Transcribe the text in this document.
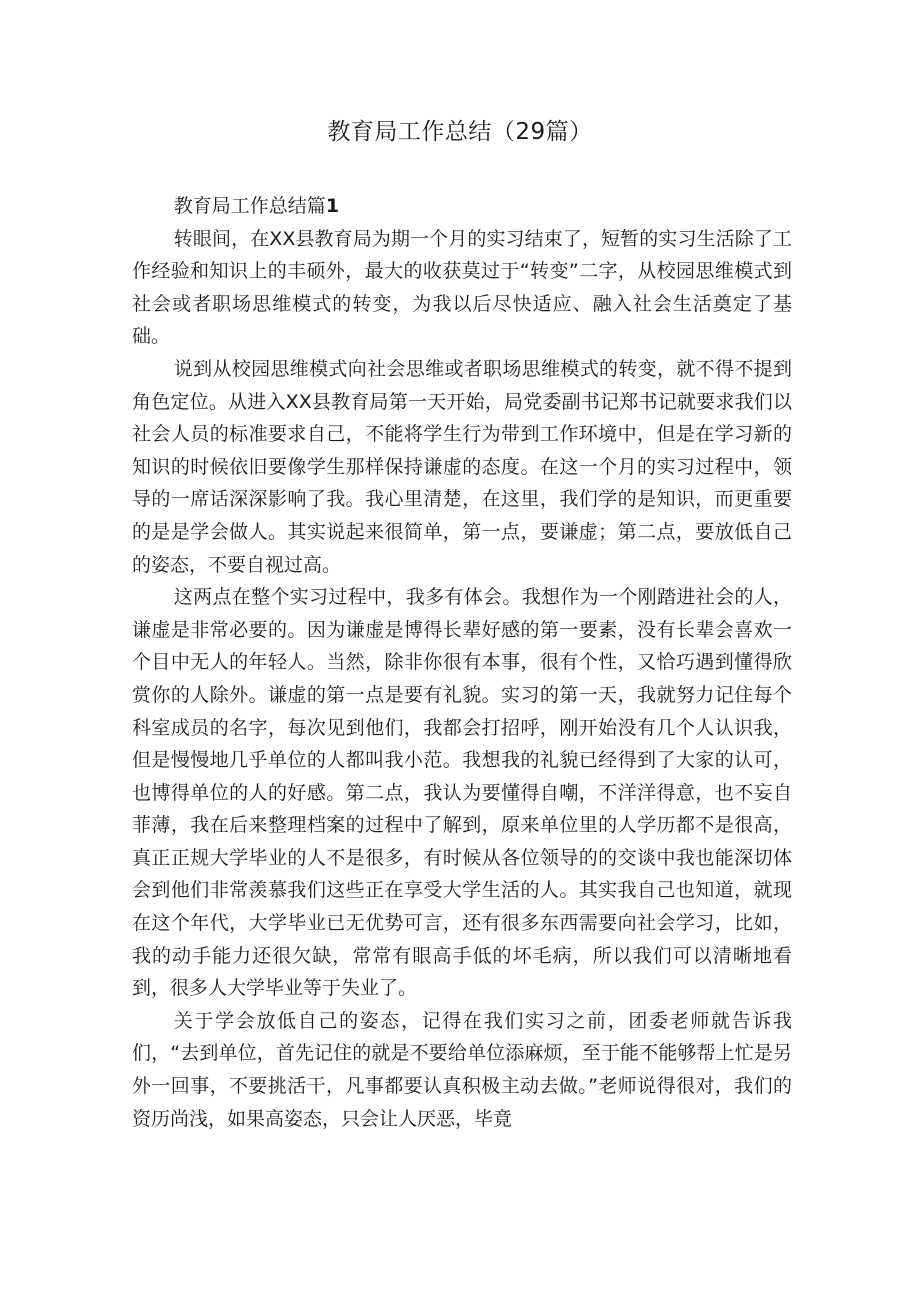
教育局工作总结（29篇）
教育局工作总结篇1

转眼间，在XX县教育局为期一个月的实习结束了，短暂的实习生活除了工作经验和知识上的丰硕外，最大的收获莫过于“转变”二字，从校园思维模式到社会或者职场思维模式的转变，为我以后尽快适应、融入社会生活奠定了基础。

说到从校园思维模式向社会思维或者职场思维模式的转变，就不得不提到角色定位。从进入XX县教育局第一天开始，局党委副书记郑书记就要求我们以社会人员的标准要求自己，不能将学生行为带到工作环境中，但是在学习新的知识的时候依旧要像学生那样保持谦虚的态度。在这一个月的实习过程中，领导的一席话深深影响了我。我心里清楚，在这里，我们学的是知识，而更重要的是是学会做人。其实说起来很简单，第一点，要谦虚；第二点，要放低自己的姿态，不要自视过高。

这两点在整个实习过程中，我多有体会。我想作为一个刚踏进社会的人，谦虚是非常必要的。因为谦虚是博得长辈好感的第一要素，没有长辈会喜欢一个目中无人的年轻人。当然，除非你很有本事，很有个性，又恰巧遇到懂得欣赏你的人除外。谦虚的第一点是要有礼貌。实习的第一天，我就努力记住每个科室成员的名字，每次见到他们，我都会打招呼，刚开始没有几个人认识我，但是慢慢地几乎单位的人都叫我小范。我想我的礼貌已经得到了大家的认可，也博得单位的人的好感。第二点，我认为要懂得自嘲，不洋洋得意，也不妄自菲薄，我在后来整理档案的过程中了解到，原来单位里的人学历都不是很高，真正正规大学毕业的人不是很多，有时候从各位领导的的交谈中我也能深切体会到他们非常羡慕我们这些正在享受大学生活的人。其实我自己也知道，就现在这个年代，大学毕业已无优势可言，还有很多东西需要向社会学习，比如，我的动手能力还很欠缺，常常有眼高手低的坏毛病，所以我们可以清晰地看到，很多人大学毕业等于失业了。

关于学会放低自己的姿态，记得在我们实习之前，团委老师就告诉我们，“去到单位，首先记住的就是不要给单位添麻烦，至于能不能够帮上忙是另外一回事，不要挑活干，凡事都要认真积极主动去做。”老师说得很对，我们的资历尚浅，如果高姿态，只会让人厌恶，毕竟
